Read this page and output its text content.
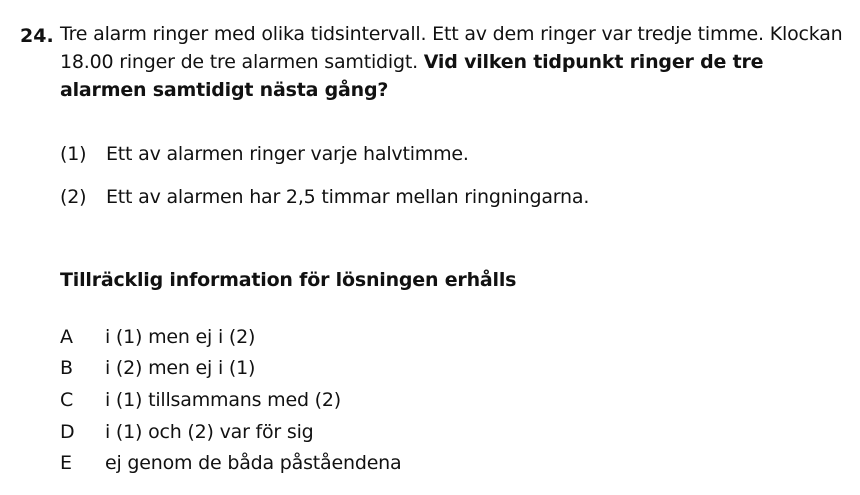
24. Tre alarm ringer med olika tidsintervall. Ett av dem ringer var tredje timme. Klockan 18.00 ringer de tre alarmen samtidigt. Vid vilken tidpunkt ringer de tre alarmen samtidigt nästa gång?
(1) Ett av alarmen ringer varje halvtimme.
(2) Ett av alarmen har 2,5 timmar mellan ringningarna.
Tillräcklig information för lösningen erhålls
A i (1) men ej i (2)
B i (2) men ej i (1)
C i (1) tillsammans med (2)
D i (1) och (2) var för sig
E ej genom de båda påståendena
